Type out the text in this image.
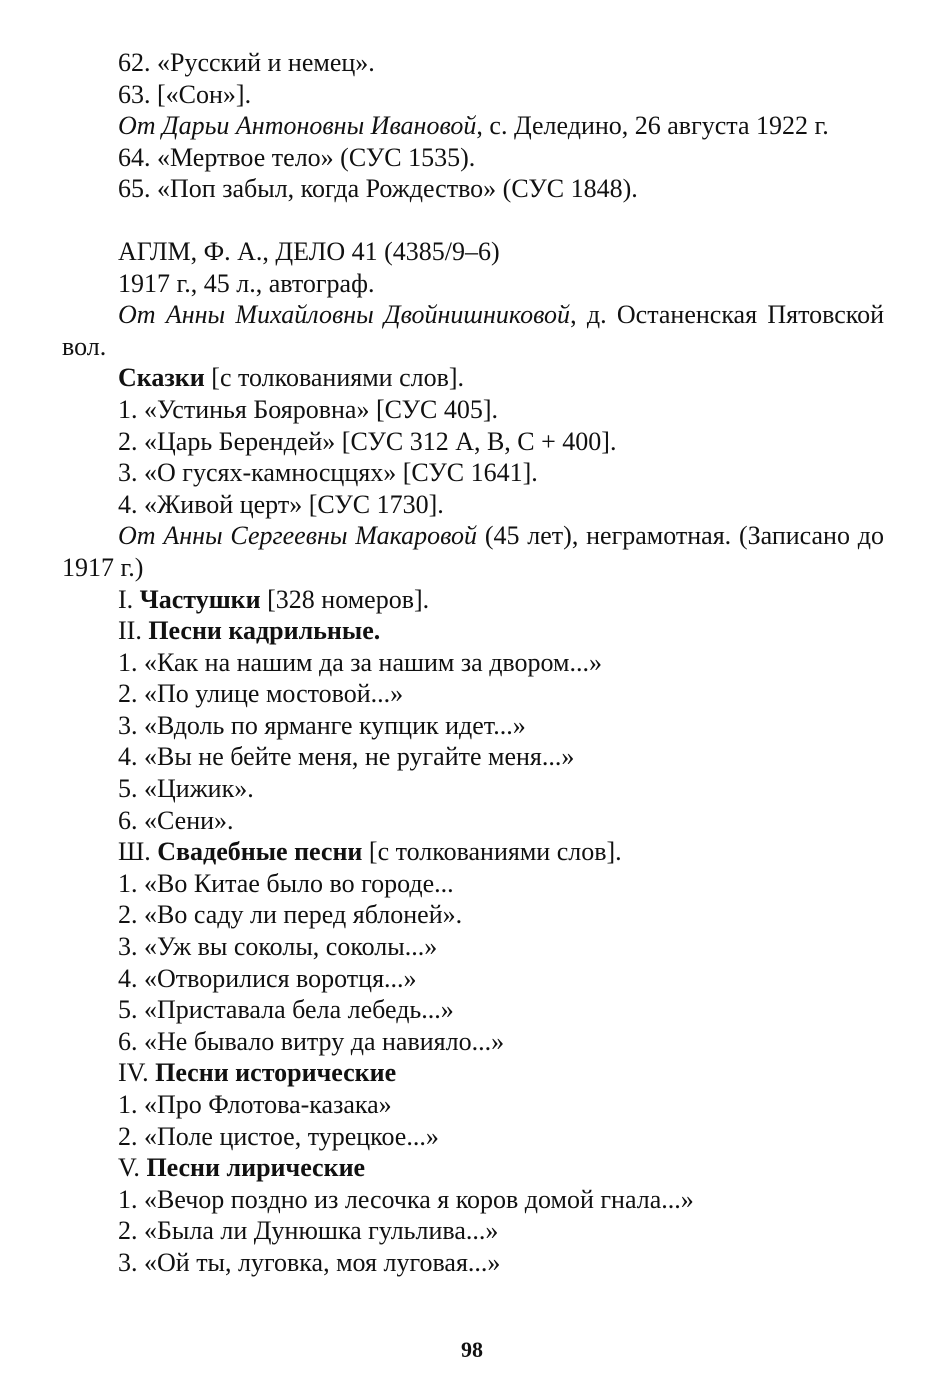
62. «Русский и немец».
63. [«Сон»].
От Дарьи Антоновны Ивановой, с. Деледино, 26 августа 1922 г.
64. «Мертвое тело» (СУС 1535).
65. «Поп забыл, когда Рождество» (СУС 1848).
АГЛМ, Ф. А., ДЕЛО 41 (4385/9–6)
1917 г., 45 л., автограф.
От Анны Михайловны Двойнишниковой, д. Останенская Пятовской вол.
Сказки [с толкованиями слов].
1. «Устинья Бояровна» [СУС 405].
2. «Царь Берендей» [СУС 312 А, В, С + 400].
3. «О гусях-камносццях» [СУС 1641].
4. «Живой церт» [СУС 1730].
От Анны Сергеевны Макаровой (45 лет), неграмотная. (Записано до 1917 г.)
I. Частушки [328 номеров].
II. Песни кадрильные.
1. «Как на нашим да за нашим за двором...»
2. «По улице мостовой...»
3. «Вдоль по ярманге купцик идет...»
4. «Вы не бейте меня, не ругайте меня...»
5. «Цижик».
6. «Сени».
Ш. Свадебные песни [с толкованиями слов].
1. «Во Китае было во городе...
2. «Во саду ли перед яблоней».
3. «Уж вы соколы, соколы...»
4. «Отворилися воротця...»
5. «Приставала бела лебедь...»
6. «Не бывало витру да навияло...»
IV. Песни исторические
1. «Про Флотова-казака»
2. «Поле цистое, турецкое...»
V. Песни лирические
1. «Вечор поздно из лесочка я коров домой гнала...»
2. «Была ли Дунюшка гульлива...»
3. «Ой ты, луговка, моя луговая...»
98
